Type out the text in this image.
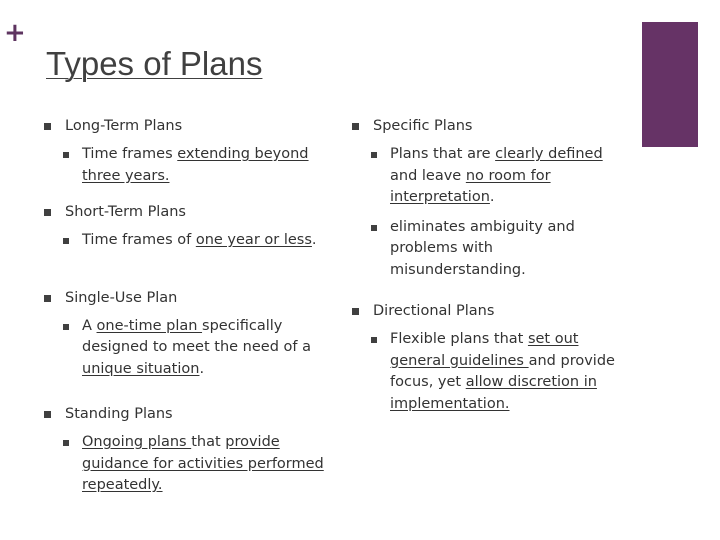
+
Types of Plans
Long-Term Plans
Time frames extending beyond three years.
Short-Term Plans
Time frames of one year or less.
Single-Use Plan
A one-time plan specifically designed to meet the need of a unique situation.
Standing Plans
Ongoing plans that provide guidance for activities performed repeatedly.
Specific Plans
Plans that are clearly defined and leave no room for interpretation.
eliminates ambiguity and problems with misunderstanding.
Directional Plans
Flexible plans that set out general guidelines and provide focus, yet allow discretion in implementation.
